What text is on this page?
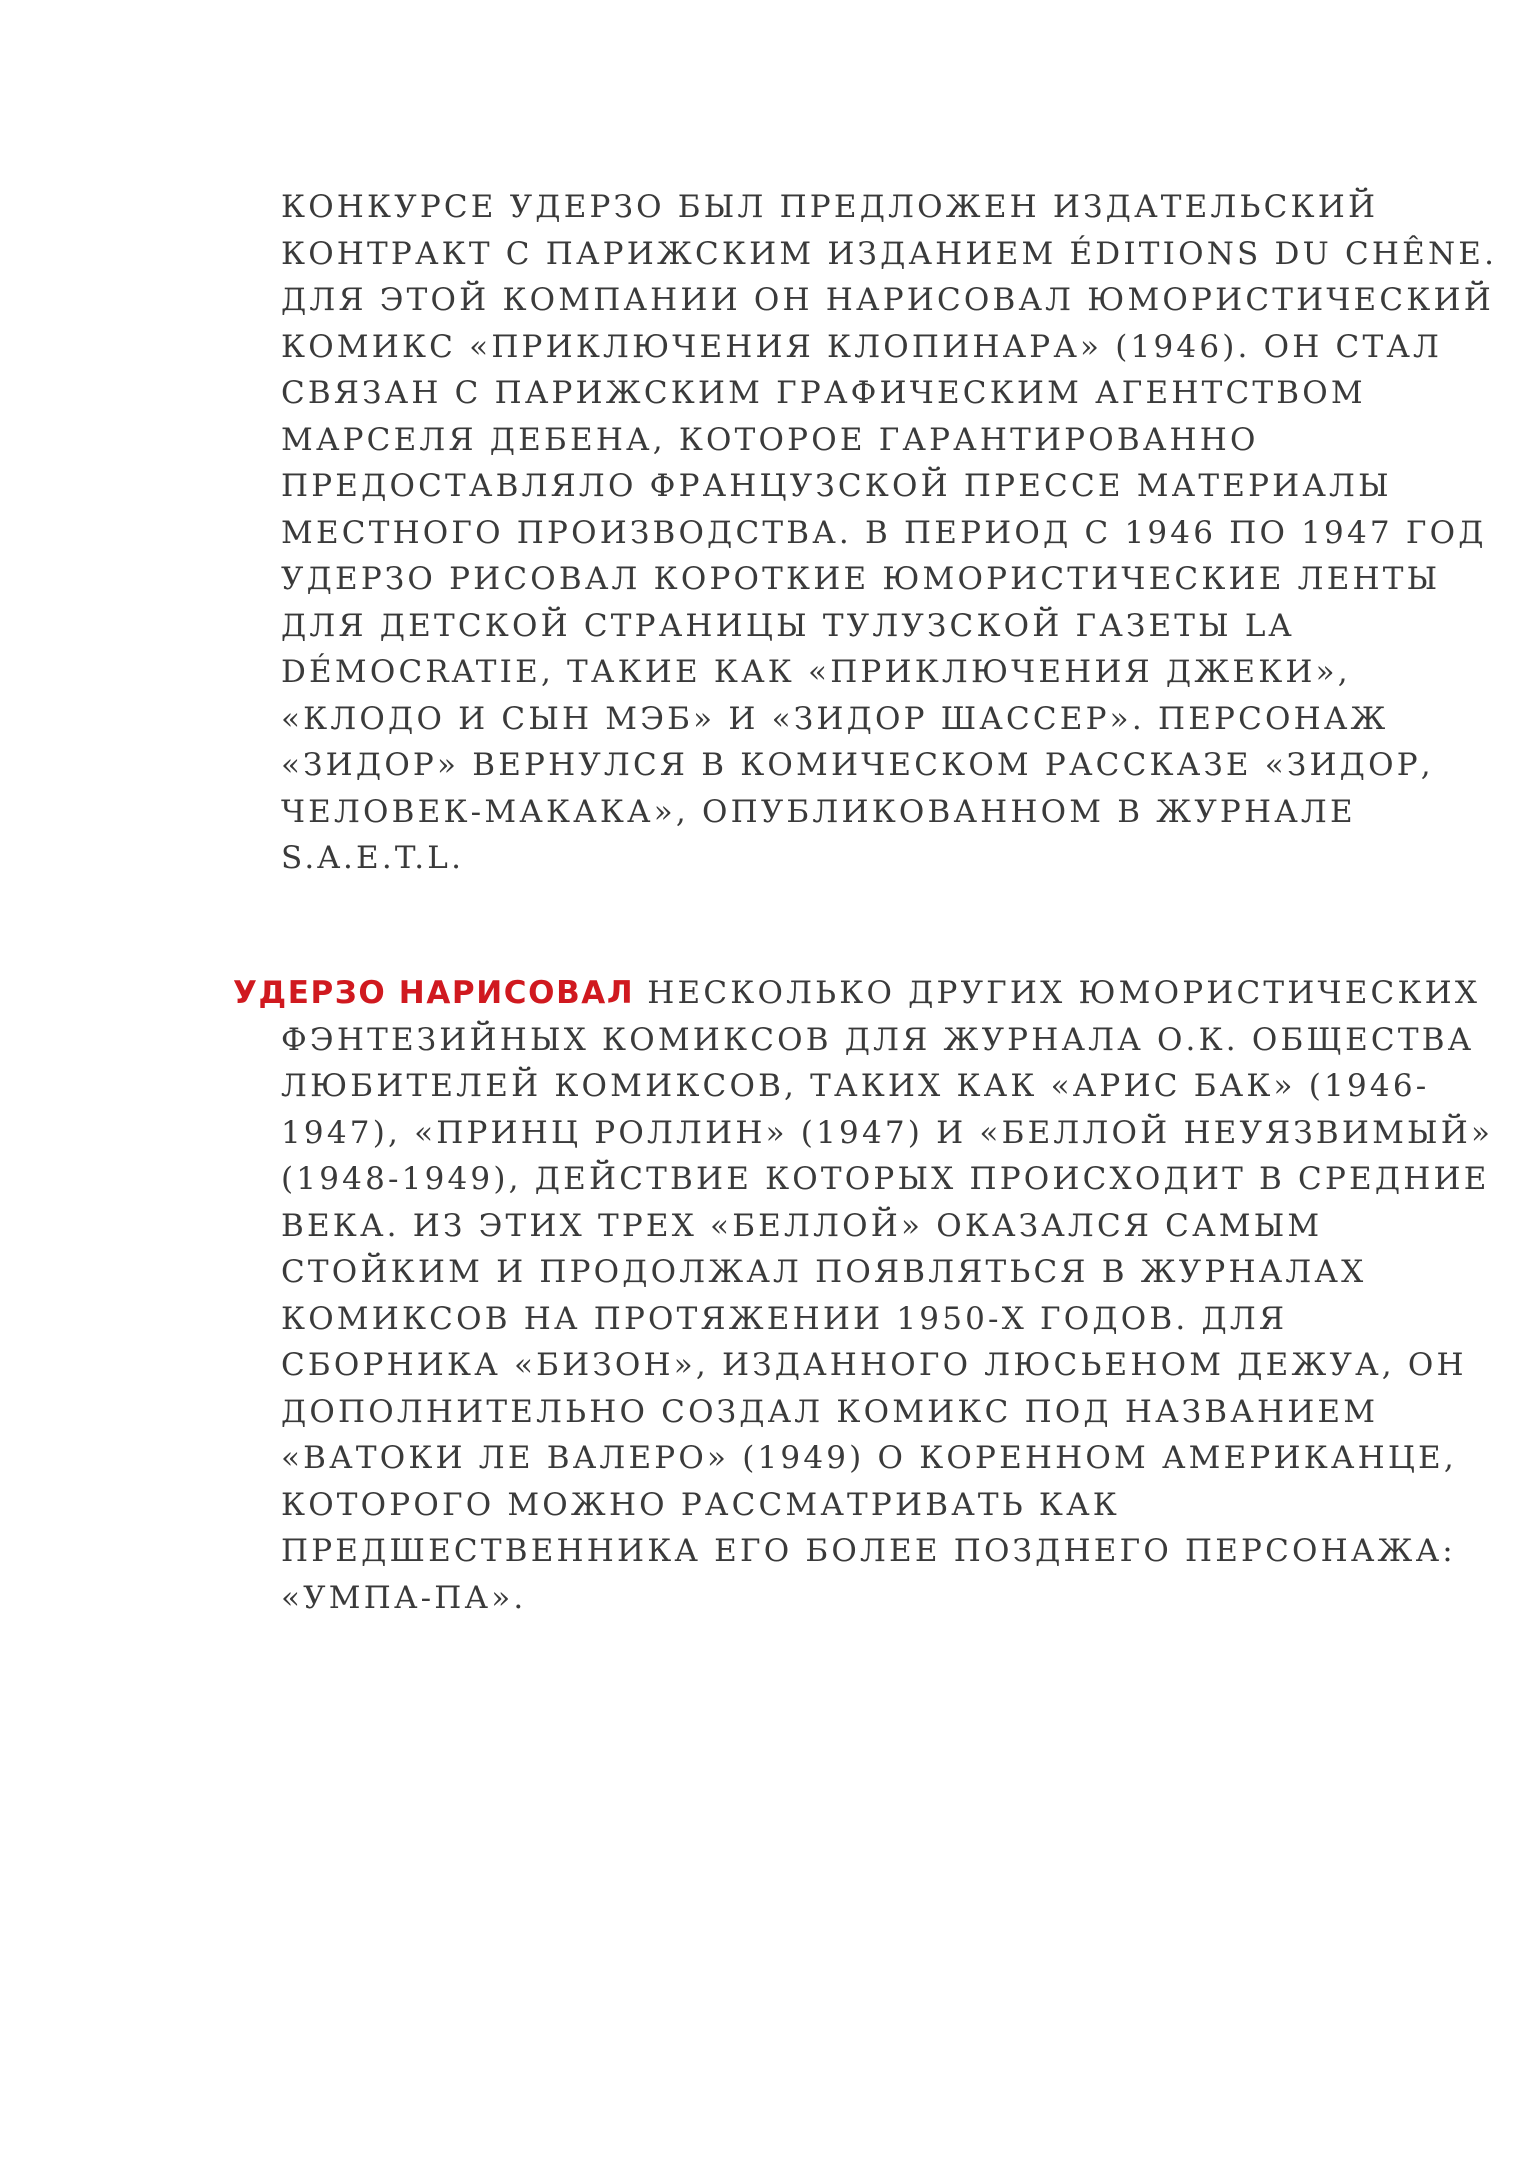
КОНКУРСЕ УДЕРЗО БЫЛ ПРЕДЛОЖЕН ИЗДАТЕЛЬСКИЙ
КОНТРАКТ С ПАРИЖСКИМ ИЗДАНИЕМ ÉDITIONS DU CHÊNE.
ДЛЯ ЭТОЙ КОМПАНИИ ОН НАРИСОВАЛ ЮМОРИСТИЧЕСКИЙ
КОМИКС «ПРИКЛЮЧЕНИЯ КЛОПИНАРА» (1946). ОН СТАЛ
СВЯЗАН С ПАРИЖСКИМ ГРАФИЧЕСКИМ АГЕНТСТВОМ
МАРСЕЛЯ ДЕБЕНА, КОТОРОЕ ГАРАНТИРОВАННО
ПРЕДОСТАВЛЯЛО ФРАНЦУЗСКОЙ ПРЕССЕ МАТЕРИАЛЫ
МЕСТНОГО ПРОИЗВОДСТВА. В ПЕРИОД С 1946 ПО 1947 ГОД
УДЕРЗО РИСОВАЛ КОРОТКИЕ ЮМОРИСТИЧЕСКИЕ ЛЕНТЫ
ДЛЯ ДЕТСКОЙ СТРАНИЦЫ ТУЛУЗСКОЙ ГАЗЕТЫ LA
DÉMOCRATIE, ТАКИЕ КАК «ПРИКЛЮЧЕНИЯ ДЖЕКИ»,
«КЛОДО И СЫН МЭБ» И «ЗИДОР ШАССЕР». ПЕРСОНАЖ
«ЗИДОР» ВЕРНУЛСЯ В КОМИЧЕСКОМ РАССКАЗЕ «ЗИДОР,
ЧЕЛОВЕК-МАКАКА», ОПУБЛИКОВАННОМ В ЖУРНАЛЕ
S.A.E.T.L.
УДЕРЗО НАРИСОВАЛ НЕСКОЛЬКО ДРУГИХ ЮМОРИСТИЧЕСКИХ
ФЭНТЕЗИЙНЫХ КОМИКСОВ ДЛЯ ЖУРНАЛА О.К. ОБЩЕСТВА
ЛЮБИТЕЛЕЙ КОМИКСОВ, ТАКИХ КАК «АРИС БАК» (1946-
1947), «ПРИНЦ РОЛЛИН» (1947) И «БЕЛЛОЙ НЕУЯЗВИМЫЙ»
(1948-1949), ДЕЙСТВИЕ КОТОРЫХ ПРОИСХОДИТ В СРЕДНИЕ
ВЕКА. ИЗ ЭТИХ ТРЕХ «БЕЛЛОЙ» ОКАЗАЛСЯ САМЫМ
СТОЙКИМ И ПРОДОЛЖАЛ ПОЯВЛЯТЬСЯ В ЖУРНАЛАХ
КОМИКСОВ НА ПРОТЯЖЕНИИ 1950-Х ГОДОВ. ДЛЯ
СБОРНИКА «БИЗОН», ИЗДАННОГО ЛЮСЬЕНОМ ДЕЖУА, ОН
ДОПОЛНИТЕЛЬНО СОЗДАЛ КОМИКС ПОД НАЗВАНИЕМ
«ВАТОКИ ЛЕ ВАЛЕРО» (1949) О КОРЕННОМ АМЕРИКАНЦЕ,
КОТОРОГО МОЖНО РАССМАТРИВАТЬ КАК
ПРЕДШЕСТВЕННИКА ЕГО БОЛЕЕ ПОЗДНЕГО ПЕРСОНАЖА:
«УМПА-ПА».
